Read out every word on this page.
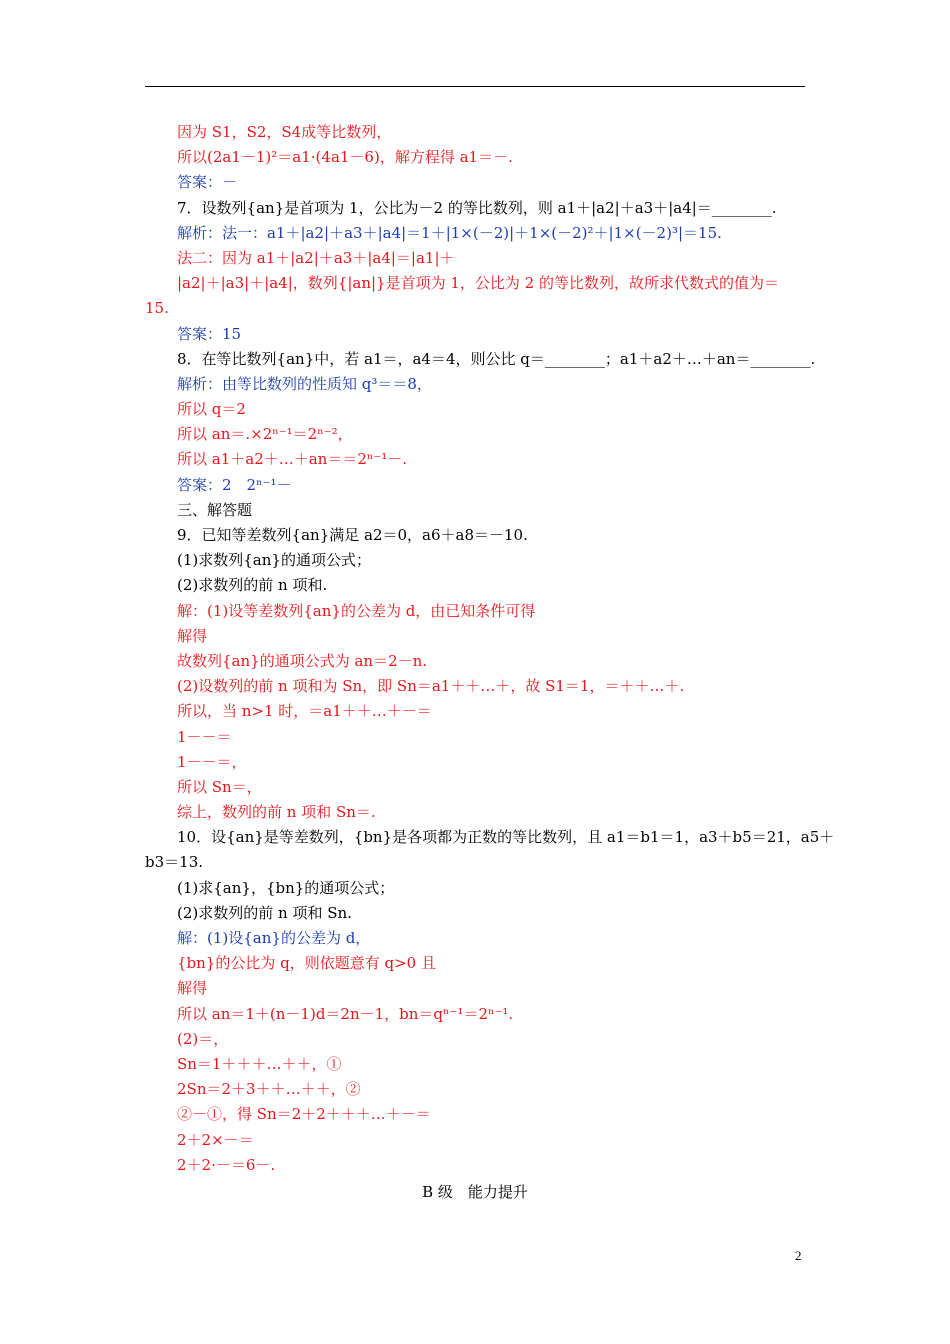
因为 S1，S2，S4成等比数列，
所以(2a1－1)²＝a1·(4a1－6)，解方程得 a1＝－.
答案：－
7．设数列{an}是首项为 1，公比为－2 的等比数列，则 a1＋|a2|＋a3＋|a4|＝________.
解析：法一：a1＋|a2|＋a3＋|a4|＝1＋|1×(－2)|＋1×(－2)²＋|1×(－2)³|＝15.
法二：因为 a1＋|a2|＋a3＋|a4|＝|a1|＋
|a2|＋|a3|＋|a4|，数列{|an|}是首项为 1，公比为 2 的等比数列，故所求代数式的值为＝
15.
答案：15
8．在等比数列{an}中，若 a1＝，a4＝4，则公比 q＝________；a1＋a2＋…＋an＝________.
解析：由等比数列的性质知 q³＝＝8，
所以 q＝2
所以 an＝.×2ⁿ⁻¹＝2ⁿ⁻²，
所以 a1＋a2＋…＋an＝＝2ⁿ⁻¹－.
答案：2　2ⁿ⁻¹－
三、解答题
9．已知等差数列{an}满足 a2＝0，a6＋a8＝－10.
(1)求数列{an}的通项公式；
(2)求数列的前 n 项和.
解：(1)设等差数列{an}的公差为 d，由已知条件可得
解得
故数列{an}的通项公式为 an＝2－n.
(2)设数列的前 n 项和为 Sn，即 Sn＝a1＋＋…＋，故 S1＝1，＝＋＋…＋.
所以，当 n>1 时，＝a1＋＋…＋－＝
1－－＝
1－－＝，
所以 Sn＝，
综上，数列的前 n 项和 Sn＝.
10．设{an}是等差数列，{bn}是各项都为正数的等比数列，且 a1＝b1＝1，a3＋b5＝21，a5＋
b3＝13.
(1)求{an}，{bn}的通项公式；
(2)求数列的前 n 项和 Sn.
解：(1)设{an}的公差为 d，
{bn}的公比为 q，则依题意有 q>0 且
解得
所以 an＝1＋(n－1)d＝2n－1，bn＝qⁿ⁻¹＝2ⁿ⁻¹.
(2)＝，
Sn＝1＋＋＋…＋＋，①
2Sn＝2＋3＋＋…＋＋，②
②－①，得 Sn＝2＋2＋＋＋…＋－＝
2＋2×－＝
2＋2·－＝6－.
B 级　能力提升
2
